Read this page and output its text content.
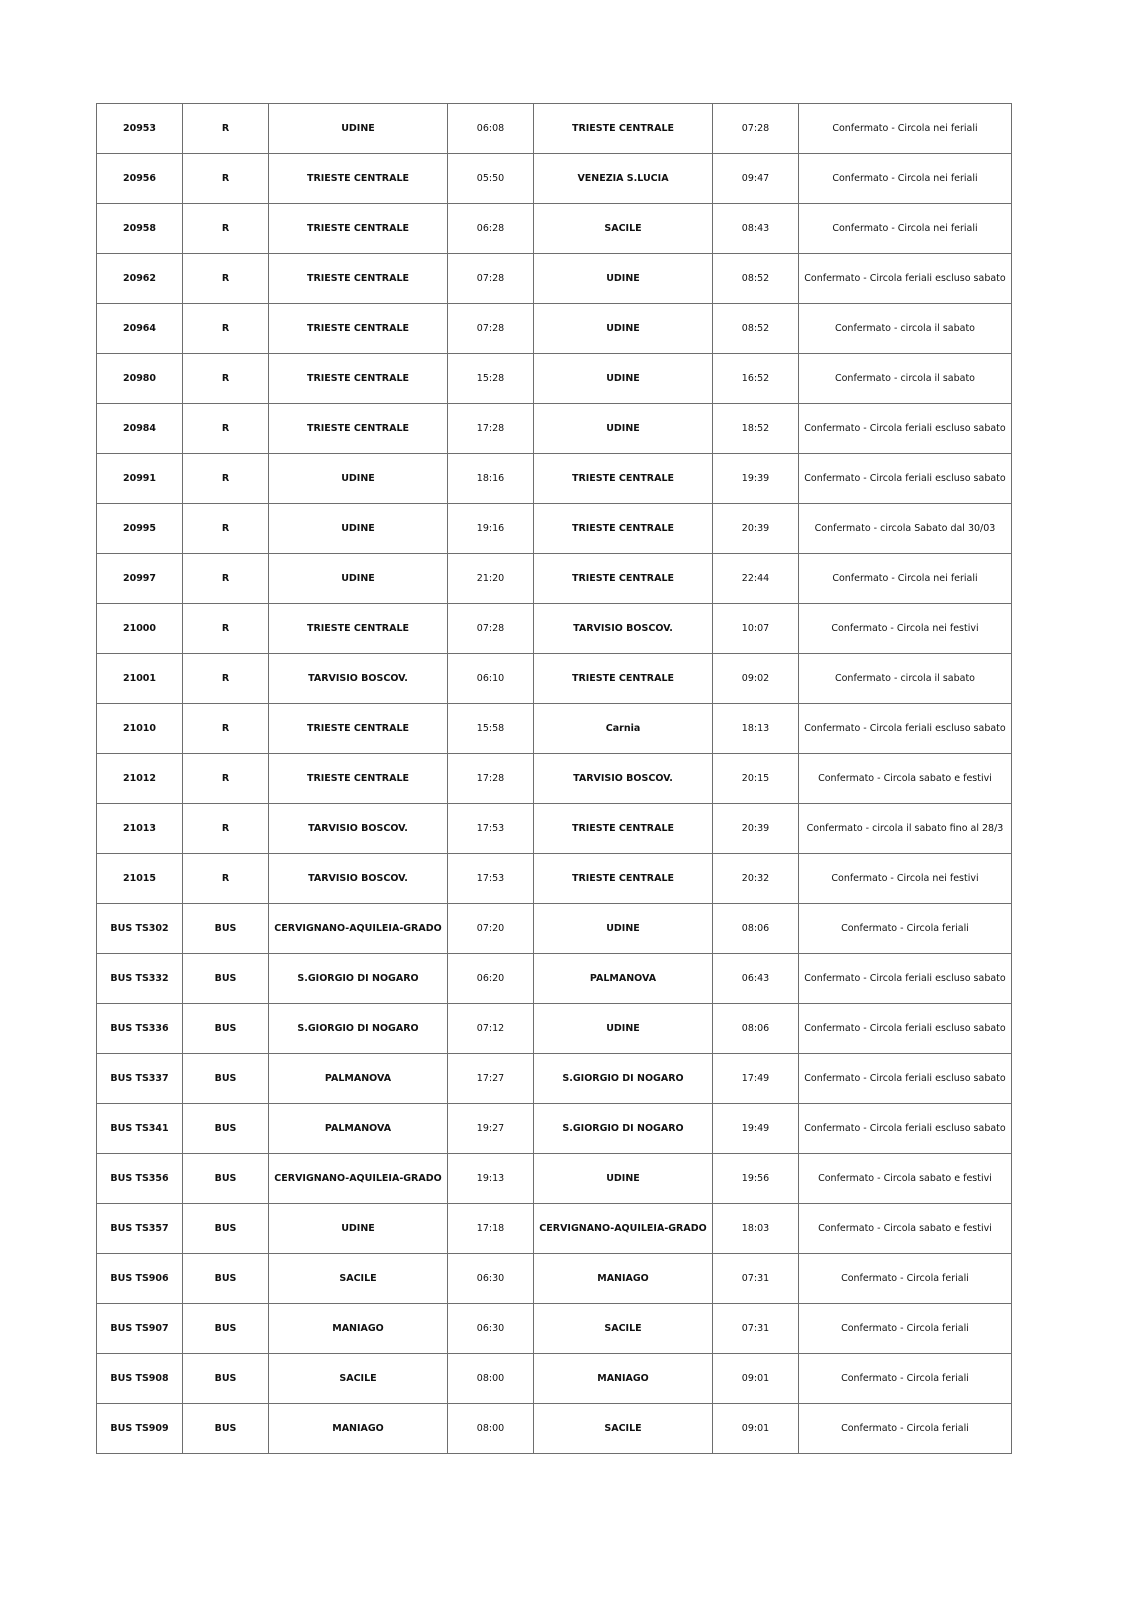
20953	R	UDINE	06:08	TRIESTE CENTRALE	07:28	Confermato - Circola nei feriali
20956	R	TRIESTE CENTRALE	05:50	VENEZIA S.LUCIA	09:47	Confermato - Circola nei feriali
20958	R	TRIESTE CENTRALE	06:28	SACILE	08:43	Confermato - Circola nei feriali
20962	R	TRIESTE CENTRALE	07:28	UDINE	08:52	Confermato - Circola feriali escluso sabato
20964	R	TRIESTE CENTRALE	07:28	UDINE	08:52	Confermato - circola il sabato
20980	R	TRIESTE CENTRALE	15:28	UDINE	16:52	Confermato - circola il sabato
20984	R	TRIESTE CENTRALE	17:28	UDINE	18:52	Confermato - Circola feriali escluso sabato
20991	R	UDINE	18:16	TRIESTE CENTRALE	19:39	Confermato - Circola feriali escluso sabato
20995	R	UDINE	19:16	TRIESTE CENTRALE	20:39	Confermato - circola Sabato dal 30/03
20997	R	UDINE	21:20	TRIESTE CENTRALE	22:44	Confermato - Circola nei feriali
21000	R	TRIESTE CENTRALE	07:28	TARVISIO BOSCOV.	10:07	Confermato - Circola nei festivi
21001	R	TARVISIO BOSCOV.	06:10	TRIESTE CENTRALE	09:02	Confermato - circola il sabato
21010	R	TRIESTE CENTRALE	15:58	Carnia	18:13	Confermato - Circola feriali escluso sabato
21012	R	TRIESTE CENTRALE	17:28	TARVISIO BOSCOV.	20:15	Confermato - Circola sabato e festivi
21013	R	TARVISIO BOSCOV.	17:53	TRIESTE CENTRALE	20:39	Confermato - circola il sabato fino al 28/3
21015	R	TARVISIO BOSCOV.	17:53	TRIESTE CENTRALE	20:32	Confermato - Circola nei festivi
BUS TS302	BUS	CERVIGNANO-AQUILEIA-GRADO	07:20	UDINE	08:06	Confermato - Circola feriali
BUS TS332	BUS	S.GIORGIO DI NOGARO	06:20	PALMANOVA	06:43	Confermato - Circola feriali escluso sabato
BUS TS336	BUS	S.GIORGIO DI NOGARO	07:12	UDINE	08:06	Confermato - Circola feriali escluso sabato
BUS TS337	BUS	PALMANOVA	17:27	S.GIORGIO DI NOGARO	17:49	Confermato - Circola feriali escluso sabato
BUS TS341	BUS	PALMANOVA	19:27	S.GIORGIO DI NOGARO	19:49	Confermato - Circola feriali escluso sabato
BUS TS356	BUS	CERVIGNANO-AQUILEIA-GRADO	19:13	UDINE	19:56	Confermato - Circola sabato e festivi
BUS TS357	BUS	UDINE	17:18	CERVIGNANO-AQUILEIA-GRADO	18:03	Confermato - Circola sabato e festivi
BUS TS906	BUS	SACILE	06:30	MANIAGO	07:31	Confermato - Circola feriali
BUS TS907	BUS	MANIAGO	06:30	SACILE	07:31	Confermato - Circola feriali
BUS TS908	BUS	SACILE	08:00	MANIAGO	09:01	Confermato - Circola feriali
BUS TS909	BUS	MANIAGO	08:00	SACILE	09:01	Confermato - Circola feriali
